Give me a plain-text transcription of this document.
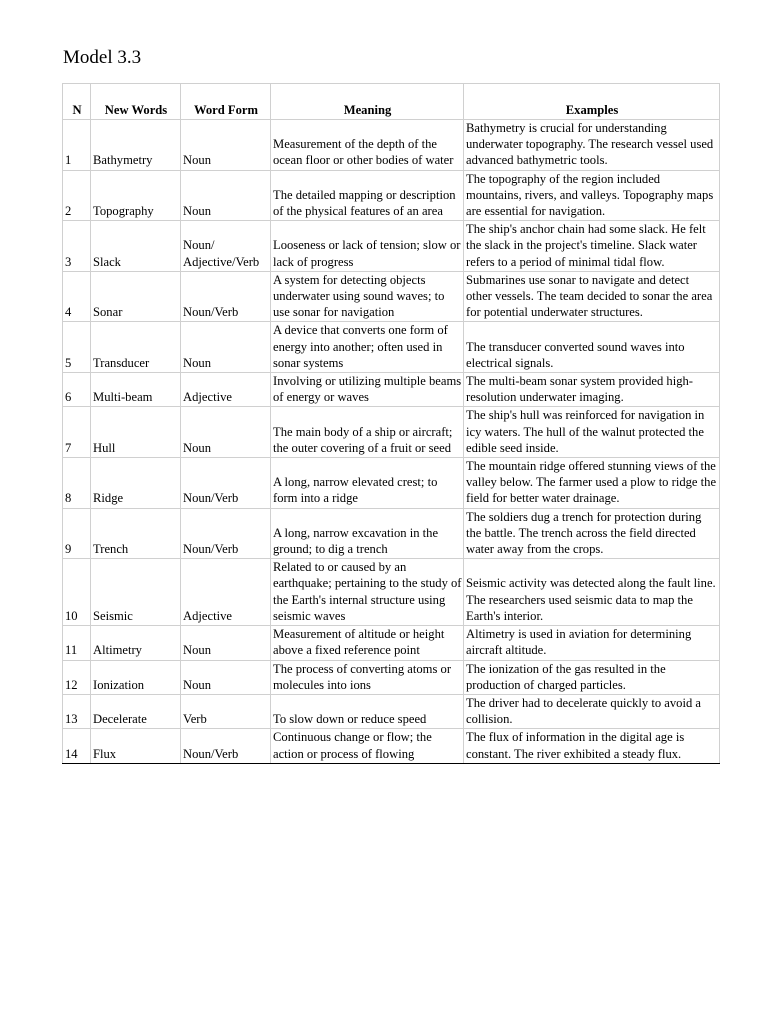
Model 3.3
N	New Words	Word Form	Meaning	Examples
1	Bathymetry	Noun	Measurement of the depth of the ocean floor or other bodies of water	Bathymetry is crucial for understanding underwater topography. The research vessel used advanced bathymetric tools.
2	Topography	Noun	The detailed mapping or description of the physical features of an area	The topography of the region included mountains, rivers, and valleys. Topography maps are essential for navigation.
3	Slack	Noun/ Adjective/Verb	Looseness or lack of tension; slow or lack of progress	The ship's anchor chain had some slack. He felt the slack in the project's timeline. Slack water refers to a period of minimal tidal flow.
4	Sonar	Noun/Verb	A system for detecting objects underwater using sound waves; to use sonar for navigation	Submarines use sonar to navigate and detect other vessels. The team decided to sonar the area for potential underwater structures.
5	Transducer	Noun	A device that converts one form of energy into another; often used in sonar systems	The transducer converted sound waves into electrical signals.
6	Multi-beam	Adjective	Involving or utilizing multiple beams of energy or waves	The multi-beam sonar system provided high-resolution underwater imaging.
7	Hull	Noun	The main body of a ship or aircraft; the outer covering of a fruit or seed	The ship's hull was reinforced for navigation in icy waters. The hull of the walnut protected the edible seed inside.
8	Ridge	Noun/Verb	A long, narrow elevated crest; to form into a ridge	The mountain ridge offered stunning views of the valley below. The farmer used a plow to ridge the field for better water drainage.
9	Trench	Noun/Verb	A long, narrow excavation in the ground; to dig a trench	The soldiers dug a trench for protection during the battle. The trench across the field directed water away from the crops.
10	Seismic	Adjective	Related to or caused by an earthquake; pertaining to the study of the Earth's internal structure using seismic waves	Seismic activity was detected along the fault line. The researchers used seismic data to map the Earth's interior.
11	Altimetry	Noun	Measurement of altitude or height above a fixed reference point	Altimetry is used in aviation for determining aircraft altitude.
12	Ionization	Noun	The process of converting atoms or molecules into ions	The ionization of the gas resulted in the production of charged particles.
13	Decelerate	Verb	To slow down or reduce speed	The driver had to decelerate quickly to avoid a collision.
14	Flux	Noun/Verb	Continuous change or flow; the action or process of flowing	The flux of information in the digital age is constant. The river exhibited a steady flux.
